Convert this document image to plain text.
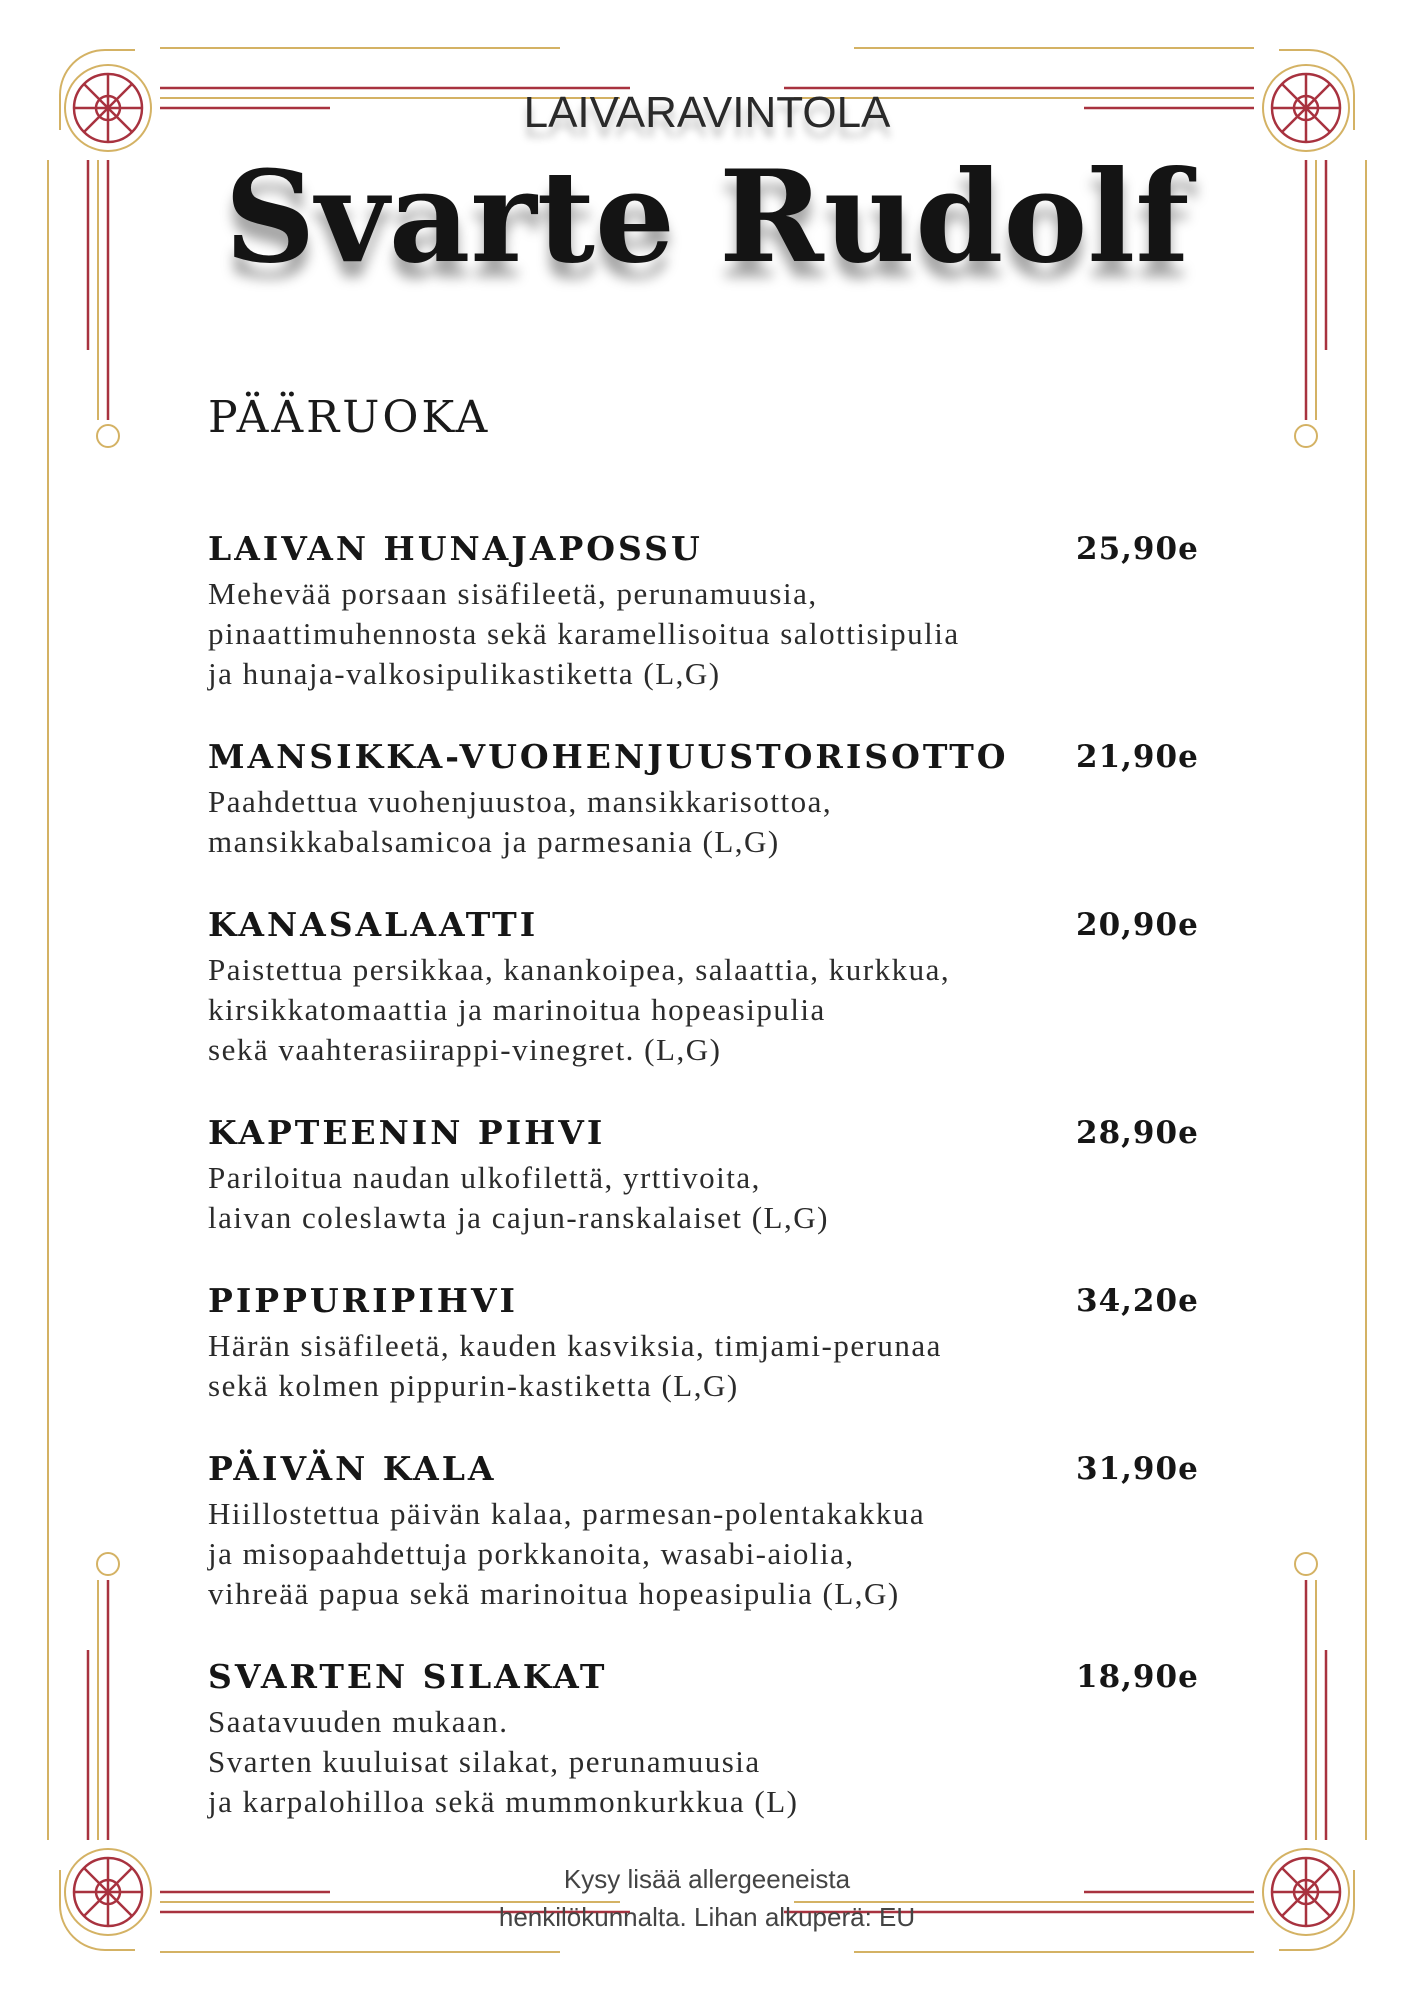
LAIVARAVINTOLA
Svarte Rudolf
PÄÄRUOKA
LAIVAN HUNAJAPOSSU	25,90e
Mehevää porsaan sisäfileetä, perunamuusia,
pinaattimuhennosta sekä karamellisoitua salottisipulia
ja hunaja-valkosipulikastiketta (L,G)
MANSIKKA-VUOHENJUUSTORISOTTO 21,90e
Paahdettua vuohenjuustoa, mansikkarisottoa,
mansikkabalsamicoa ja parmesania (L,G)
KANASALAATTI	20,90e
Paistettua persikkaa, kanankoipea, salaattia, kurkkua,
kirsikkatomaattia ja marinoitua hopeasipulia
sekä vaahterasiirappi-vinegret. (L,G)
KAPTEENIN PIHVI	28,90e
Pariloitua naudan ulkofilettä, yrttivoita,
laivan coleslawta ja cajun-ranskalaiset (L,G)
PIPPURIPIHVI	34,20e
Härän sisäfileetä, kauden kasviksia, timjami-perunaa
sekä kolmen pippurin-kastiketta (L,G)
PÄIVÄN KALA	31,90e
Hiillostettua päivän kalaa, parmesan-polentakakkua
ja misopaahdettuja porkkanoita, wasabi-aiolia,
vihreää papua sekä marinoitua hopeasipulia (L,G)
SVARTEN SILAKAT	18,90e
Saatavuuden mukaan.
Svarten kuuluisat silakat, perunamuusia
ja karpalohilloa sekä mummonkurkkua (L)
Kysy lisää allergeeneista
henkilökunnalta. Lihan alkuperä: EU
